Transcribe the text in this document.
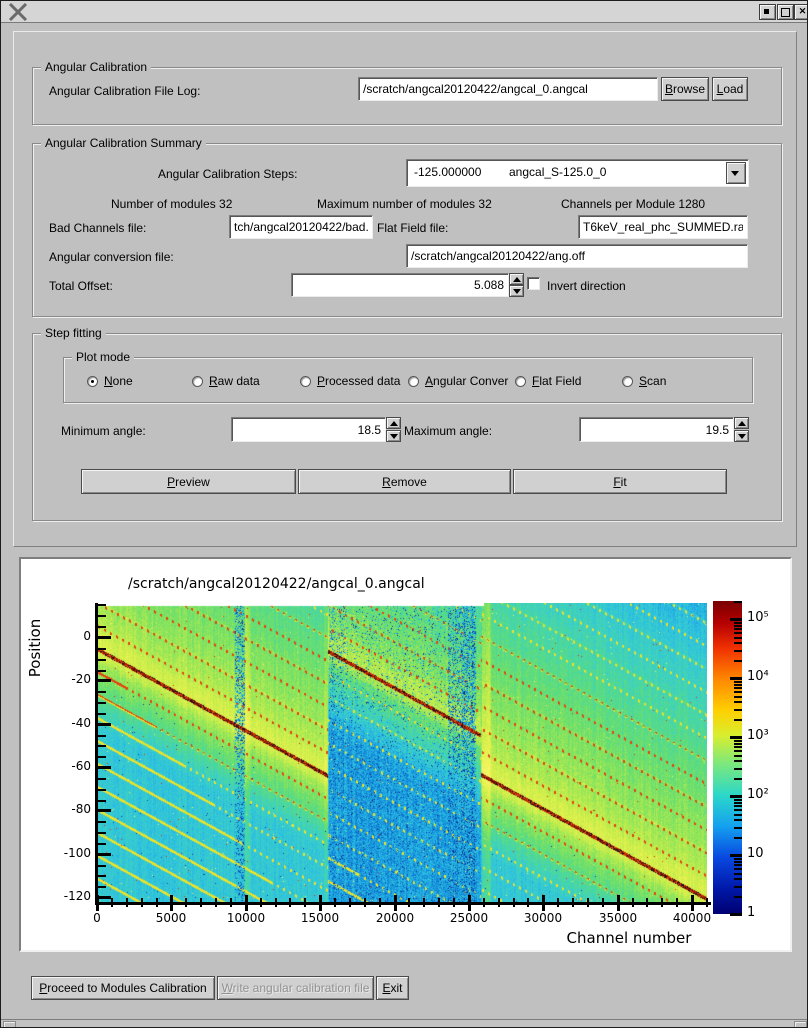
✕
Angular Calibration
Angular Calibration File Log:
/scratch/angcal20120422/angcal_0.angcal	Browse Load
Angular Calibration Summary
Angular Calibration Steps:	-125.000000 angcal_S-125.0_0
Number of modules 32	Maximum number of modules 32	Channels per Module 1280
Bad Channels file:
tch/angcal20120422/bad.chan	Flat Field file:
T6keV_real_phc_SUMMED.raw
Angular conversion file:
/scratch/angcal20120422/ang.off
Total Offset:
5.088	Invert direction
Step fitting
Plot mode
None	Raw data	Processed data Angular Conver Flat Field	Scan
Minimum angle:
18.5	Maximum angle:
19.5
Preview	Remove	Fit
/scratch/angcal20120422/angcal_0.angcal
Position
Channel number
0	5000	10000	15000	20000	25000	30000	35000	40000
0
-20
-40
-60
-80
-100
-120
10⁵
10⁴
10³
10²
10
1
Proceed to Modules Calibration	Write angular calibration file	Exit
